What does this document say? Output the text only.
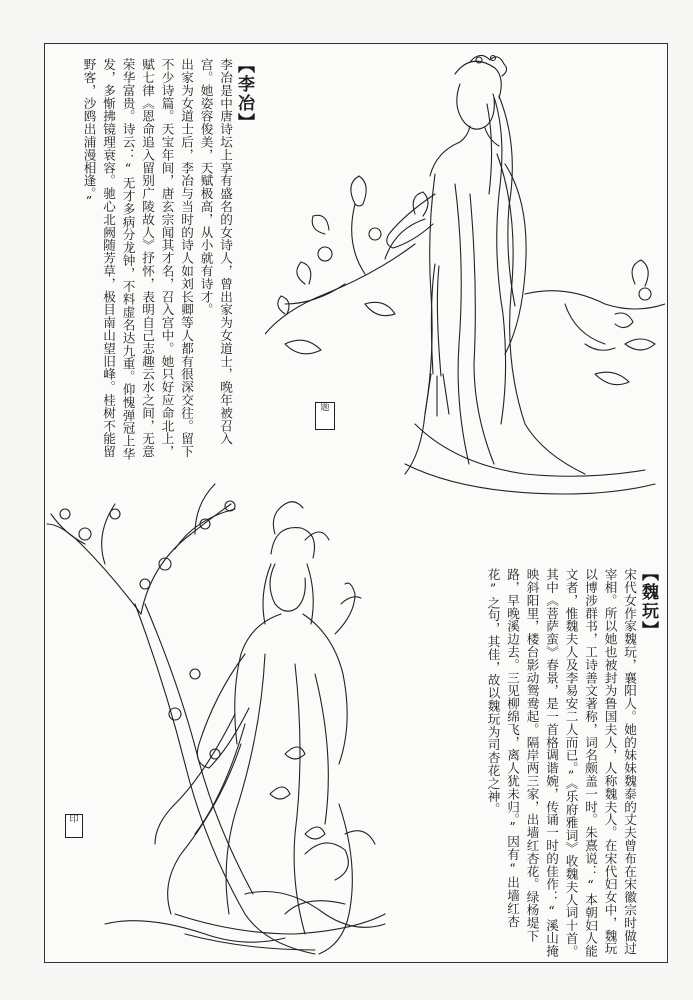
【李冶】
李冶是中唐诗坛上享有盛名的女诗人，曾出家为女道士，晚年被召入宫。她姿容俊美，天赋极高，从小就有诗才。
出家为女道士后，李冶与当时的诗人如刘长卿等人都有很深交往。留下不少诗篇。天宝年间，唐玄宗闻其才名，召入宫中。她只好应命北上，赋七律《恩命追入留别广陵故人》抒怀，表明自己志趣云水之间，无意荣华富贵。诗云：“无才多病分龙钟，不料虚名达九重。仰愧弹冠上华发，多惭拂镜理衰容。驰心北阙随芳草，极目南山望旧峰。桂树不能留野客，沙鸥出浦漫相逢。”
【魏玩】
宋代女作家魏玩，襄阳人。她的妹妹魏泰的丈夫曾布在宋徽宗时做过宰相。所以她也被封为鲁国夫人，人称魏夫人。在宋代妇女中，魏玩以博涉群书，工诗善文著称，词名颇盖一时。朱熹说：“本朝妇人能文者，惟魏夫人及李易安二人而已。”《乐府雅词》收魏夫人词十首。其中《菩萨蛮》春景，是一首格调谐婉，传诵一时的佳作：“溪山掩映斜阳里，楼台影动鸳鸯起。隔岸两三家，出墙红杏花。绿杨堤下路，早晚溪边去。三见柳绵飞，离人犹未归。”因有“出墙红杏花”之句，其佳，故以魏玩为司杏花之神。
题
印
